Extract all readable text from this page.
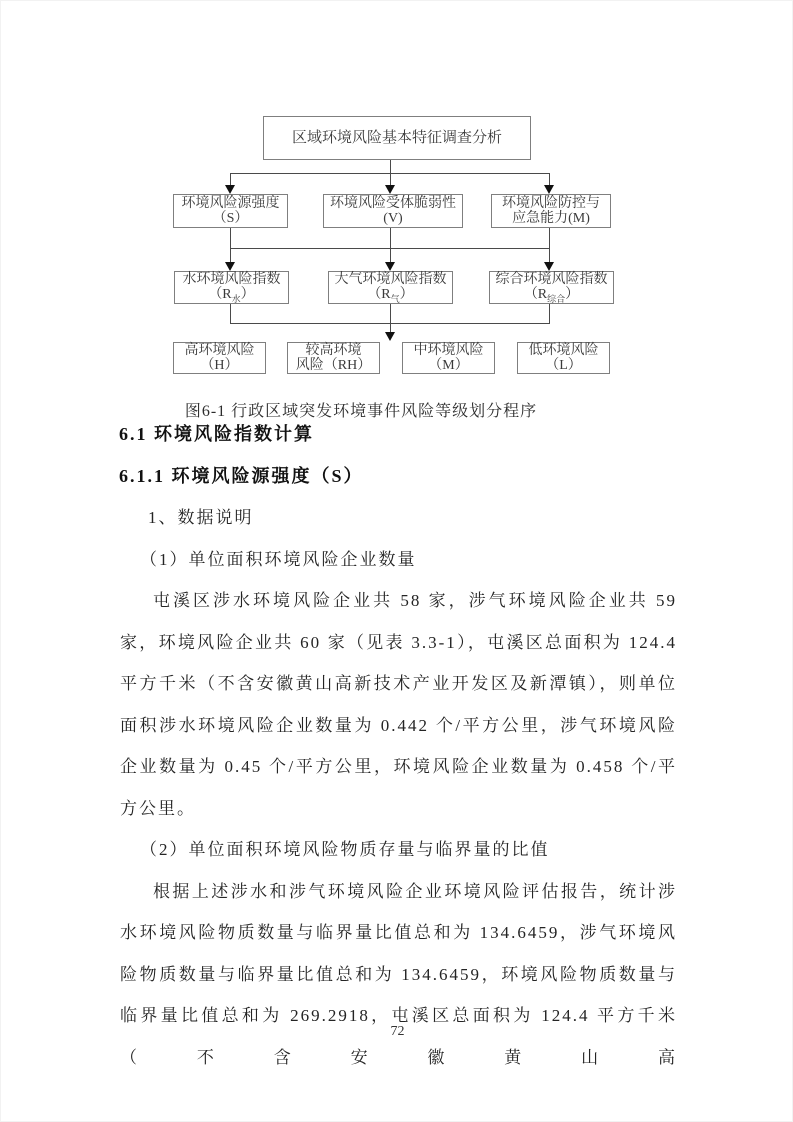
区域环境风险基本特征调查分析
环境风险源强度
（S）
环境风险受体脆弱性
(V)
环境风险防控与
应急能力(M)
水环境风险指数
$(R_水)$
大气环境风险指数
$(R_气)$
综合环境风险指数
$(R_{综合})$
高环境风险
（H）
较高环境
风险（RH）
中环境风险
（M）
低环境风险
（L）
图6-1 行政区域突发环境事件风险等级划分程序
6.1 环境风险指数计算
6.1.1 环境风险源强度（S）

1、数据说明

（1）单位面积环境风险企业数量

屯溪区涉水环境风险企业共 58 家，涉气环境风险企业共 59 家，环境风险企业共 60 家（见表 3.3-1），屯溪区总面积为 124.4 平方千米（不含安徽黄山高新技术产业开发区及新潭镇），则单位面积涉水环境风险企业数量为 0.442 个/平方公里，涉气环境风险企业数量为 0.45 个/平方公里，环境风险企业数量为 0.458 个/平方公里。

（2）单位面积环境风险物质存量与临界量的比值

根据上述涉水和涉气环境风险企业环境风险评估报告，统计涉水环境风险物质数量与临界量比值总和为 134.6459，涉气环境风险物质数量与临界量比值总和为 134.6459，环境风险物质数量与临界量比值总和为 269.2918，屯溪区总面积为 124.4 平方千米（不含安徽黄山高

72
